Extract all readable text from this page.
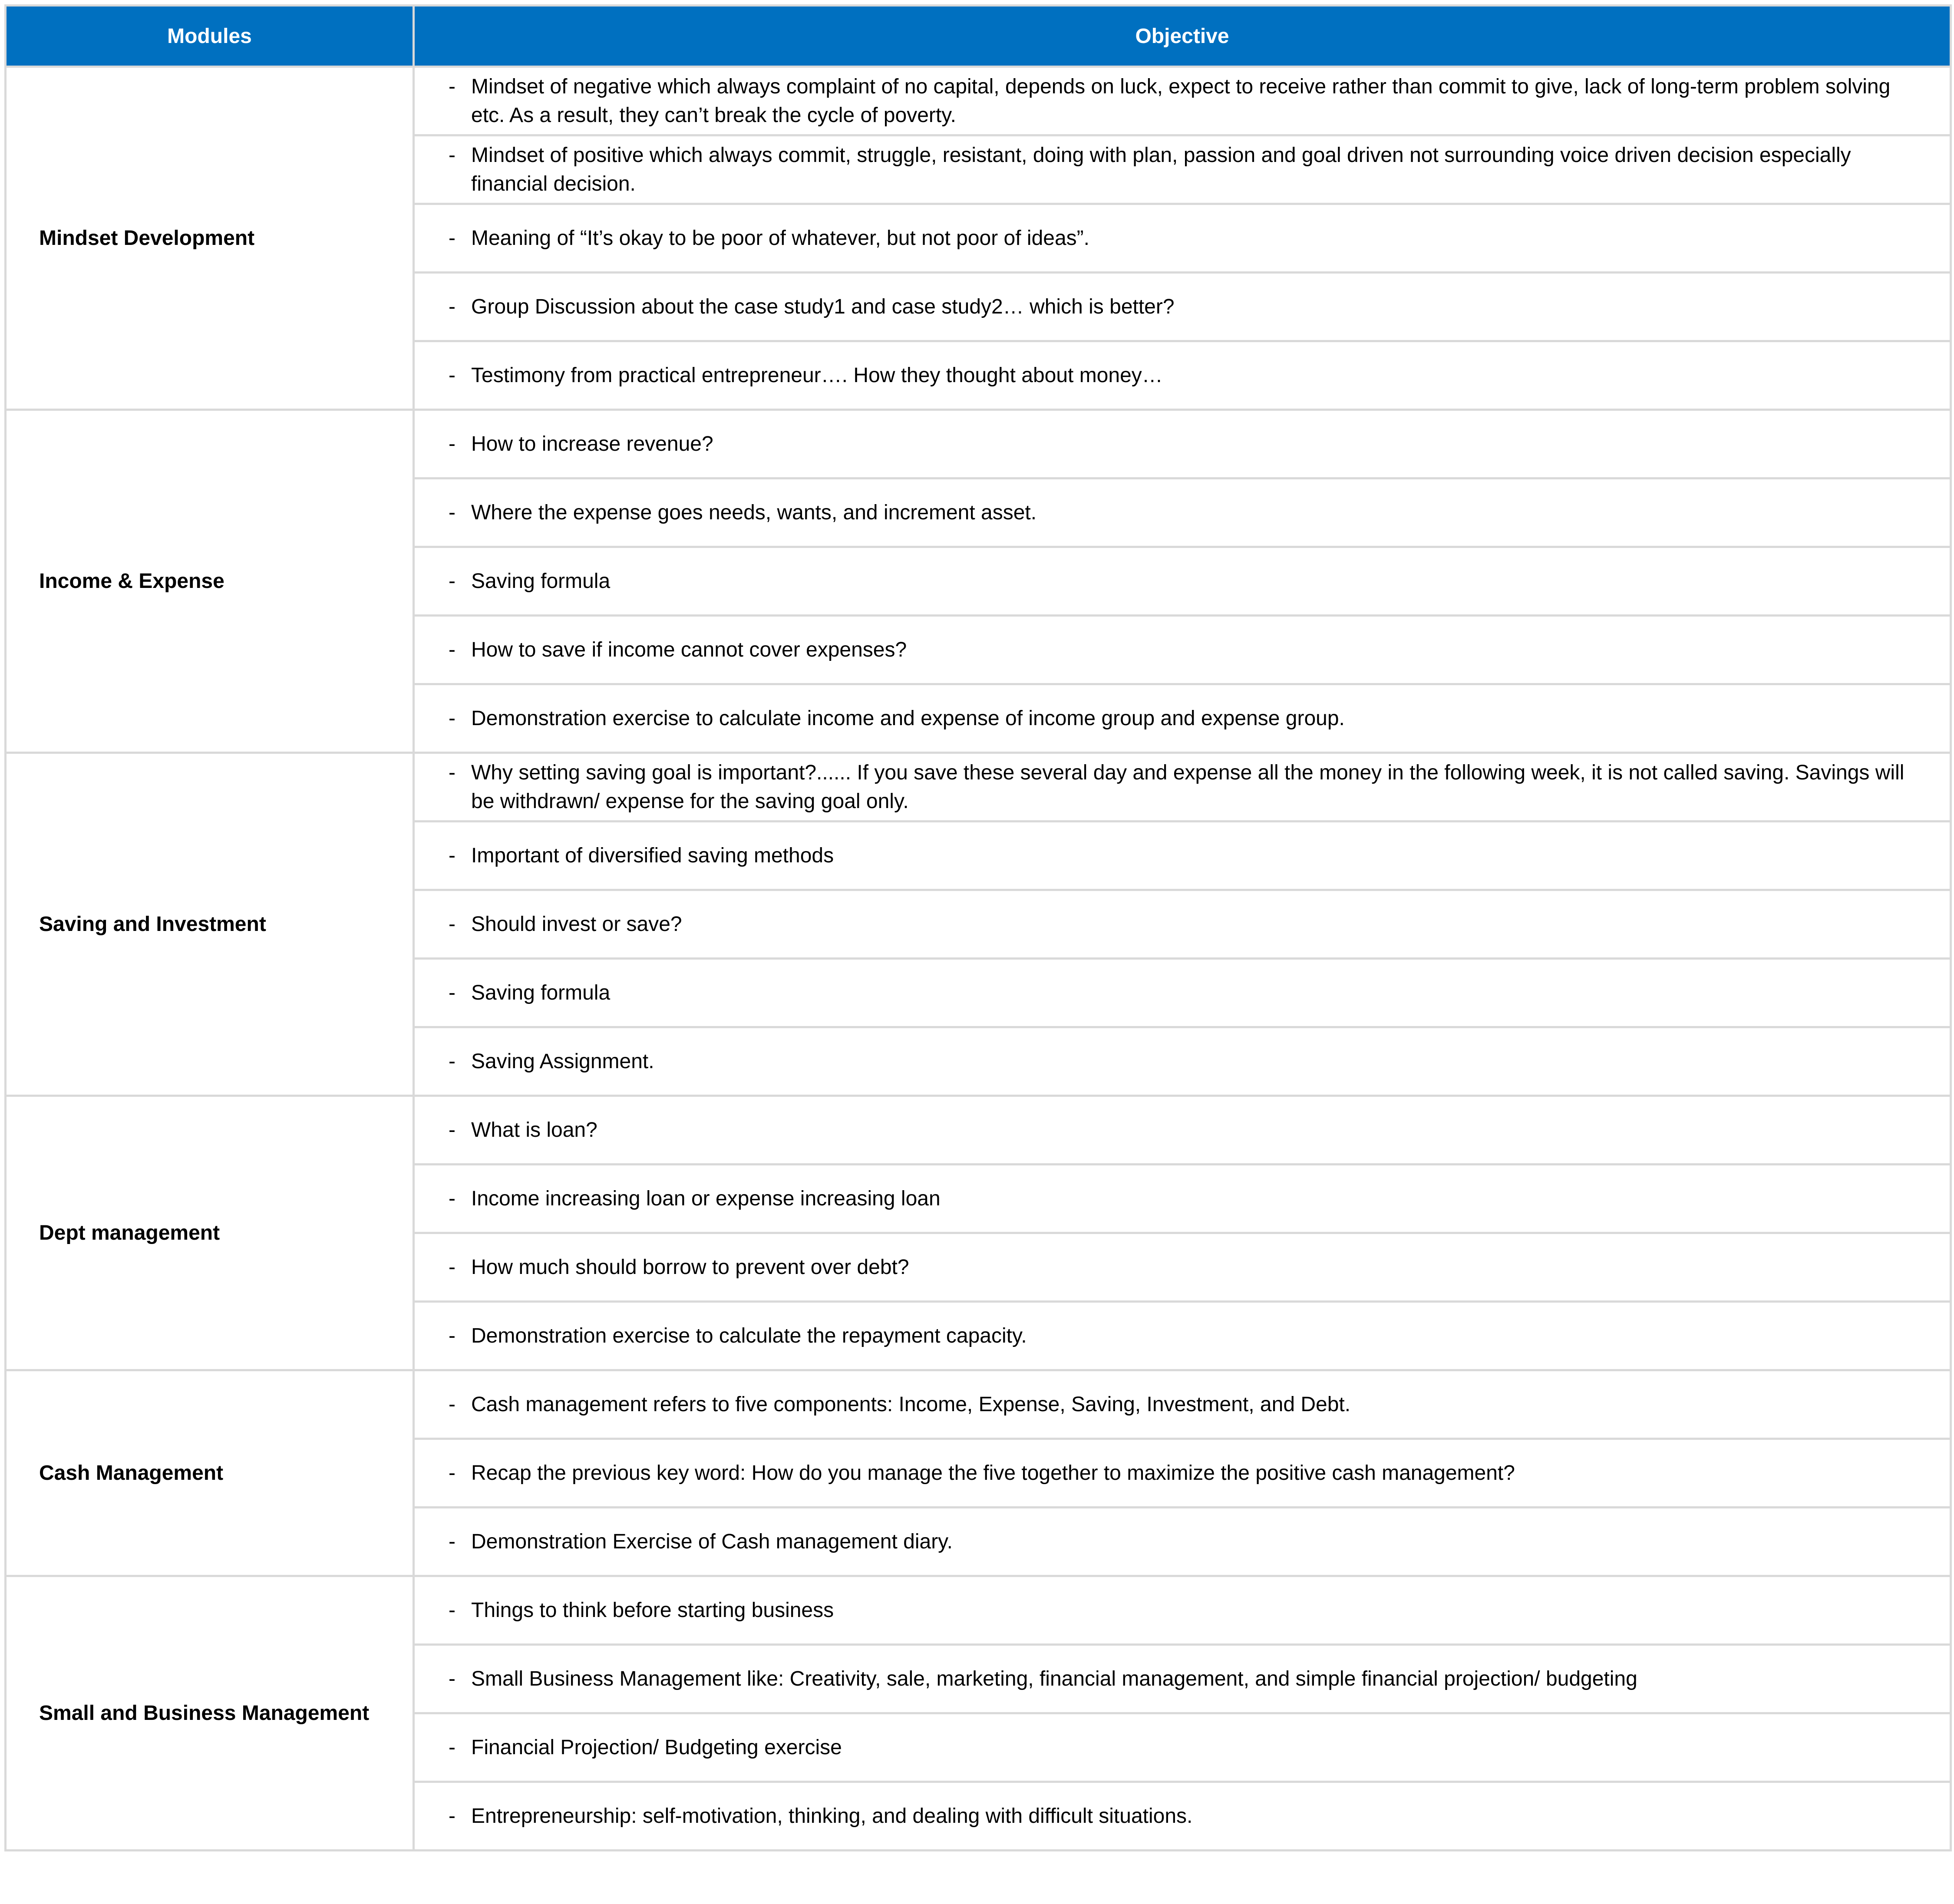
Modules	Objective
Mindset Development	- Mindset of negative which always complaint of no capital, depends on luck, expect to receive rather than commit to give, lack of long-term problem solving etc. As a result, they can’t break the cycle of poverty.

	- Mindset of positive which always commit, struggle, resistant, doing with plan, passion and goal driven not surrounding voice driven decision especially financial decision.

	- Meaning of “It’s okay to be poor of whatever, but not poor of ideas”.

	- Group Discussion about the case study1 and case study2… which is better?

	- Testimony from practical entrepreneur…. How they thought about money…

Income & Expense	- How to increase revenue?

	- Where the expense goes needs, wants, and increment asset.

	- Saving formula

	- How to save if income cannot cover expenses?

	- Demonstration exercise to calculate income and expense of income group and expense group.

Saving and Investment	- Why setting saving goal is important?...... If you save these several day and expense all the money in the following week, it is not called saving. Savings will be withdrawn/ expense for the saving goal only.

	- Important of diversified saving methods

	- Should invest or save?

	- Saving formula

	- Saving Assignment.

Dept management	- What is loan?

	- Income increasing loan or expense increasing loan

	- How much should borrow to prevent over debt?

	- Demonstration exercise to calculate the repayment capacity.

Cash Management	- Cash management refers to five components: Income, Expense, Saving, Investment, and Debt.

	- Recap the previous key word: How do you manage the five together to maximize the positive cash management?

	- Demonstration Exercise of Cash management diary.

Small and Business Management	- Things to think before starting business

	- Small Business Management like: Creativity, sale, marketing, financial management, and simple financial projection/ budgeting

	- Financial Projection/ Budgeting exercise

	- Entrepreneurship: self-motivation, thinking, and dealing with difficult situations.
